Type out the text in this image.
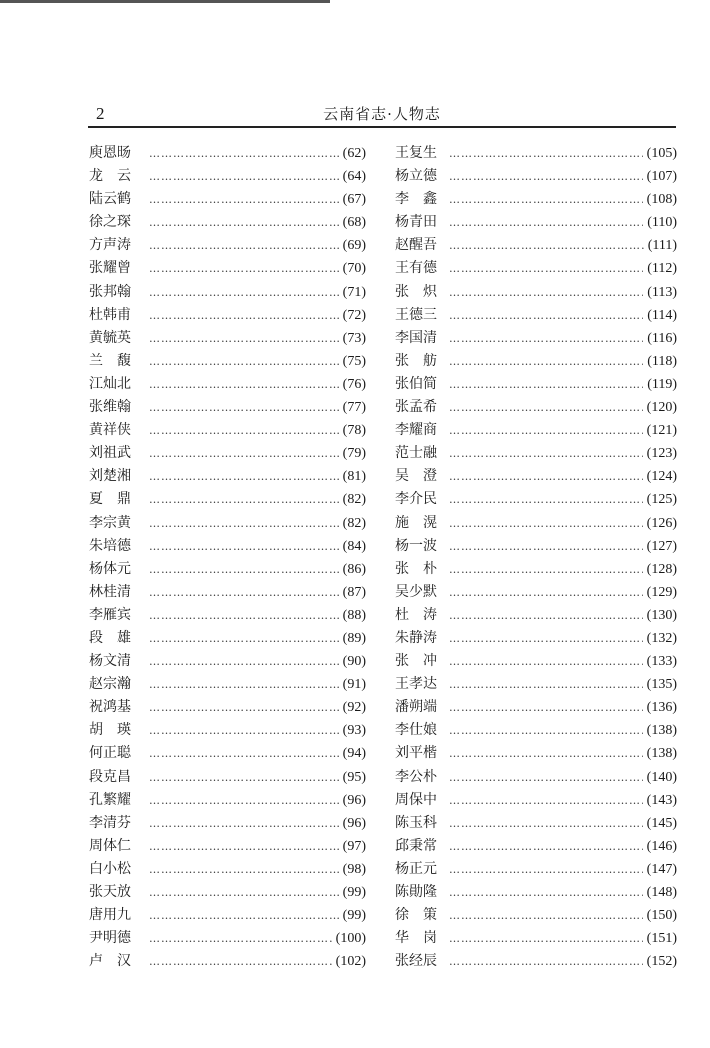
2	云南省志·人物志
庾恩旸 …………………………………………………………………………………………	(62)
龙　云 …………………………………………………………………………………………	(64)
陆云鹤 …………………………………………………………………………………………	(67)
徐之琛 …………………………………………………………………………………………	(68)
方声涛 …………………………………………………………………………………………	(69)
张耀曾 …………………………………………………………………………………………	(70)
张邦翰 …………………………………………………………………………………………	(71)
杜韩甫 …………………………………………………………………………………………	(72)
黄毓英 …………………………………………………………………………………………	(73)
兰　馥 …………………………………………………………………………………………	(75)
江灿北 …………………………………………………………………………………………	(76)
张维翰 …………………………………………………………………………………………	(77)
黄祥侠 …………………………………………………………………………………………	(78)
刘祖武 …………………………………………………………………………………………	(79)
刘楚湘 …………………………………………………………………………………………	(81)
夏　鼎 …………………………………………………………………………………………	(82)
李宗黄 …………………………………………………………………………………………	(82)
朱培德 …………………………………………………………………………………………	(84)
杨体元 …………………………………………………………………………………………	(86)
林桂清 …………………………………………………………………………………………	(87)
李雁宾 …………………………………………………………………………………………	(88)
段　雄 …………………………………………………………………………………………	(89)
杨文清 …………………………………………………………………………………………	(90)
赵宗瀚 …………………………………………………………………………………………	(91)
祝鸿基 …………………………………………………………………………………………	(92)
胡　瑛 …………………………………………………………………………………………	(93)
何正聪 …………………………………………………………………………………………	(94)
段克昌 …………………………………………………………………………………………	(95)
孔繁耀 …………………………………………………………………………………………	(96)
李清芬 …………………………………………………………………………………………	(96)
周体仁 …………………………………………………………………………………………	(97)
白小松 …………………………………………………………………………………………	(98)
张天放 …………………………………………………………………………………………	(99)
唐用九 …………………………………………………………………………………………	(99)
尹明德 …………………………………………………………………………………………	(100)
卢　汉 …………………………………………………………………………………………	(102)
王复生 …………………………………………………………………………………………	(105)
杨立德 …………………………………………………………………………………………	(107)
李　鑫 …………………………………………………………………………………………	(108)
杨青田 …………………………………………………………………………………………	(110)
赵醒吾 …………………………………………………………………………………………	(111)
王有德 …………………………………………………………………………………………	(112)
张　炽 …………………………………………………………………………………………	(113)
王德三 …………………………………………………………………………………………	(114)
李国清 …………………………………………………………………………………………	(116)
张　舫 …………………………………………………………………………………………	(118)
张伯简 …………………………………………………………………………………………	(119)
张孟希 …………………………………………………………………………………………	(120)
李耀商 …………………………………………………………………………………………	(121)
范士融 …………………………………………………………………………………………	(123)
吴　澄 …………………………………………………………………………………………	(124)
李介民 …………………………………………………………………………………………	(125)
施　滉 …………………………………………………………………………………………	(126)
杨一波 …………………………………………………………………………………………	(127)
张　朴 …………………………………………………………………………………………	(128)
吴少默 …………………………………………………………………………………………	(129)
杜　涛 …………………………………………………………………………………………	(130)
朱静涛 …………………………………………………………………………………………	(132)
张　冲 …………………………………………………………………………………………	(133)
王孝达 …………………………………………………………………………………………	(135)
潘朔端 …………………………………………………………………………………………	(136)
李仕娘 …………………………………………………………………………………………	(138)
刘平楷 …………………………………………………………………………………………	(138)
李公朴 …………………………………………………………………………………………	(140)
周保中 …………………………………………………………………………………………	(143)
陈玉科 …………………………………………………………………………………………	(145)
邱秉常 …………………………………………………………………………………………	(146)
杨正元 …………………………………………………………………………………………	(147)
陈勛隆 …………………………………………………………………………………………	(148)
徐　策 …………………………………………………………………………………………	(150)
华　岗 …………………………………………………………………………………………	(151)
张经辰 …………………………………………………………………………………………	(152)
